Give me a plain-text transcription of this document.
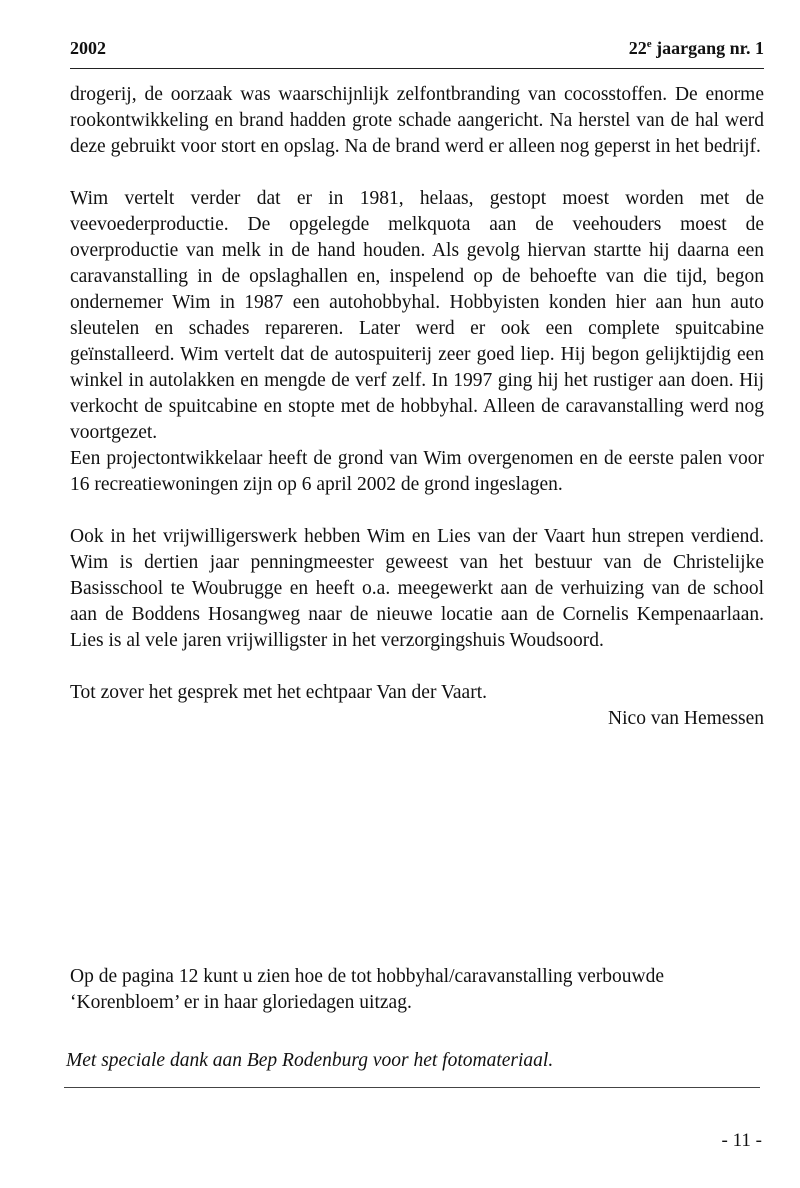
2002	22e jaargang nr. 1

drogerij, de oorzaak was waarschijnlijk zelfontbranding van cocosstoffen. De enorme rookontwikkeling en brand hadden grote schade aangericht. Na herstel van de hal werd deze gebruikt voor stort en opslag. Na de brand werd er alleen nog geperst in het bedrijf.

Wim vertelt verder dat er in 1981, helaas, gestopt moest worden met de veevoederproductie. De opgelegde melkquota aan de veehouders moest de overproductie van melk in de hand houden. Als gevolg hiervan startte hij daarna een caravanstalling in de opslaghallen en, inspelend op de behoefte van die tijd, begon ondernemer Wim in 1987 een autohobbyhal. Hobbyisten konden hier aan hun auto sleutelen en schades repareren. Later werd er ook een complete spuitcabine geïnstalleerd. Wim vertelt dat de autospuiterij zeer goed liep. Hij begon gelijktijdig een winkel in autolakken en mengde de verf zelf. In 1997 ging hij het rustiger aan doen. Hij verkocht de spuitcabine en stopte met de hobbyhal. Alleen de caravanstalling werd nog voortgezet.

Een projectontwikkelaar heeft de grond van Wim overgenomen en de eerste palen voor 16 recreatiewoningen zijn op 6 april 2002 de grond ingeslagen.

Ook in het vrijwilligerswerk hebben Wim en Lies van der Vaart hun strepen verdiend. Wim is dertien jaar penningmeester geweest van het bestuur van de Christelijke Basisschool te Woubrugge en heeft o.a. meegewerkt aan de verhuizing van de school aan de Boddens Hosangweg naar de nieuwe locatie aan de Cornelis Kempenaarlaan. Lies is al vele jaren vrijwilligster in het verzorgingshuis Woudsoord.

Tot zover het gesprek met het echtpaar Van der Vaart.

Nico van Hemessen

Op de pagina 12 kunt u zien hoe de tot hobbyhal/caravanstalling verbouwde ‘Korenbloem’ er in haar gloriedagen uitzag.

Met speciale dank aan Bep Rodenburg voor het fotomateriaal.

- 11 -
